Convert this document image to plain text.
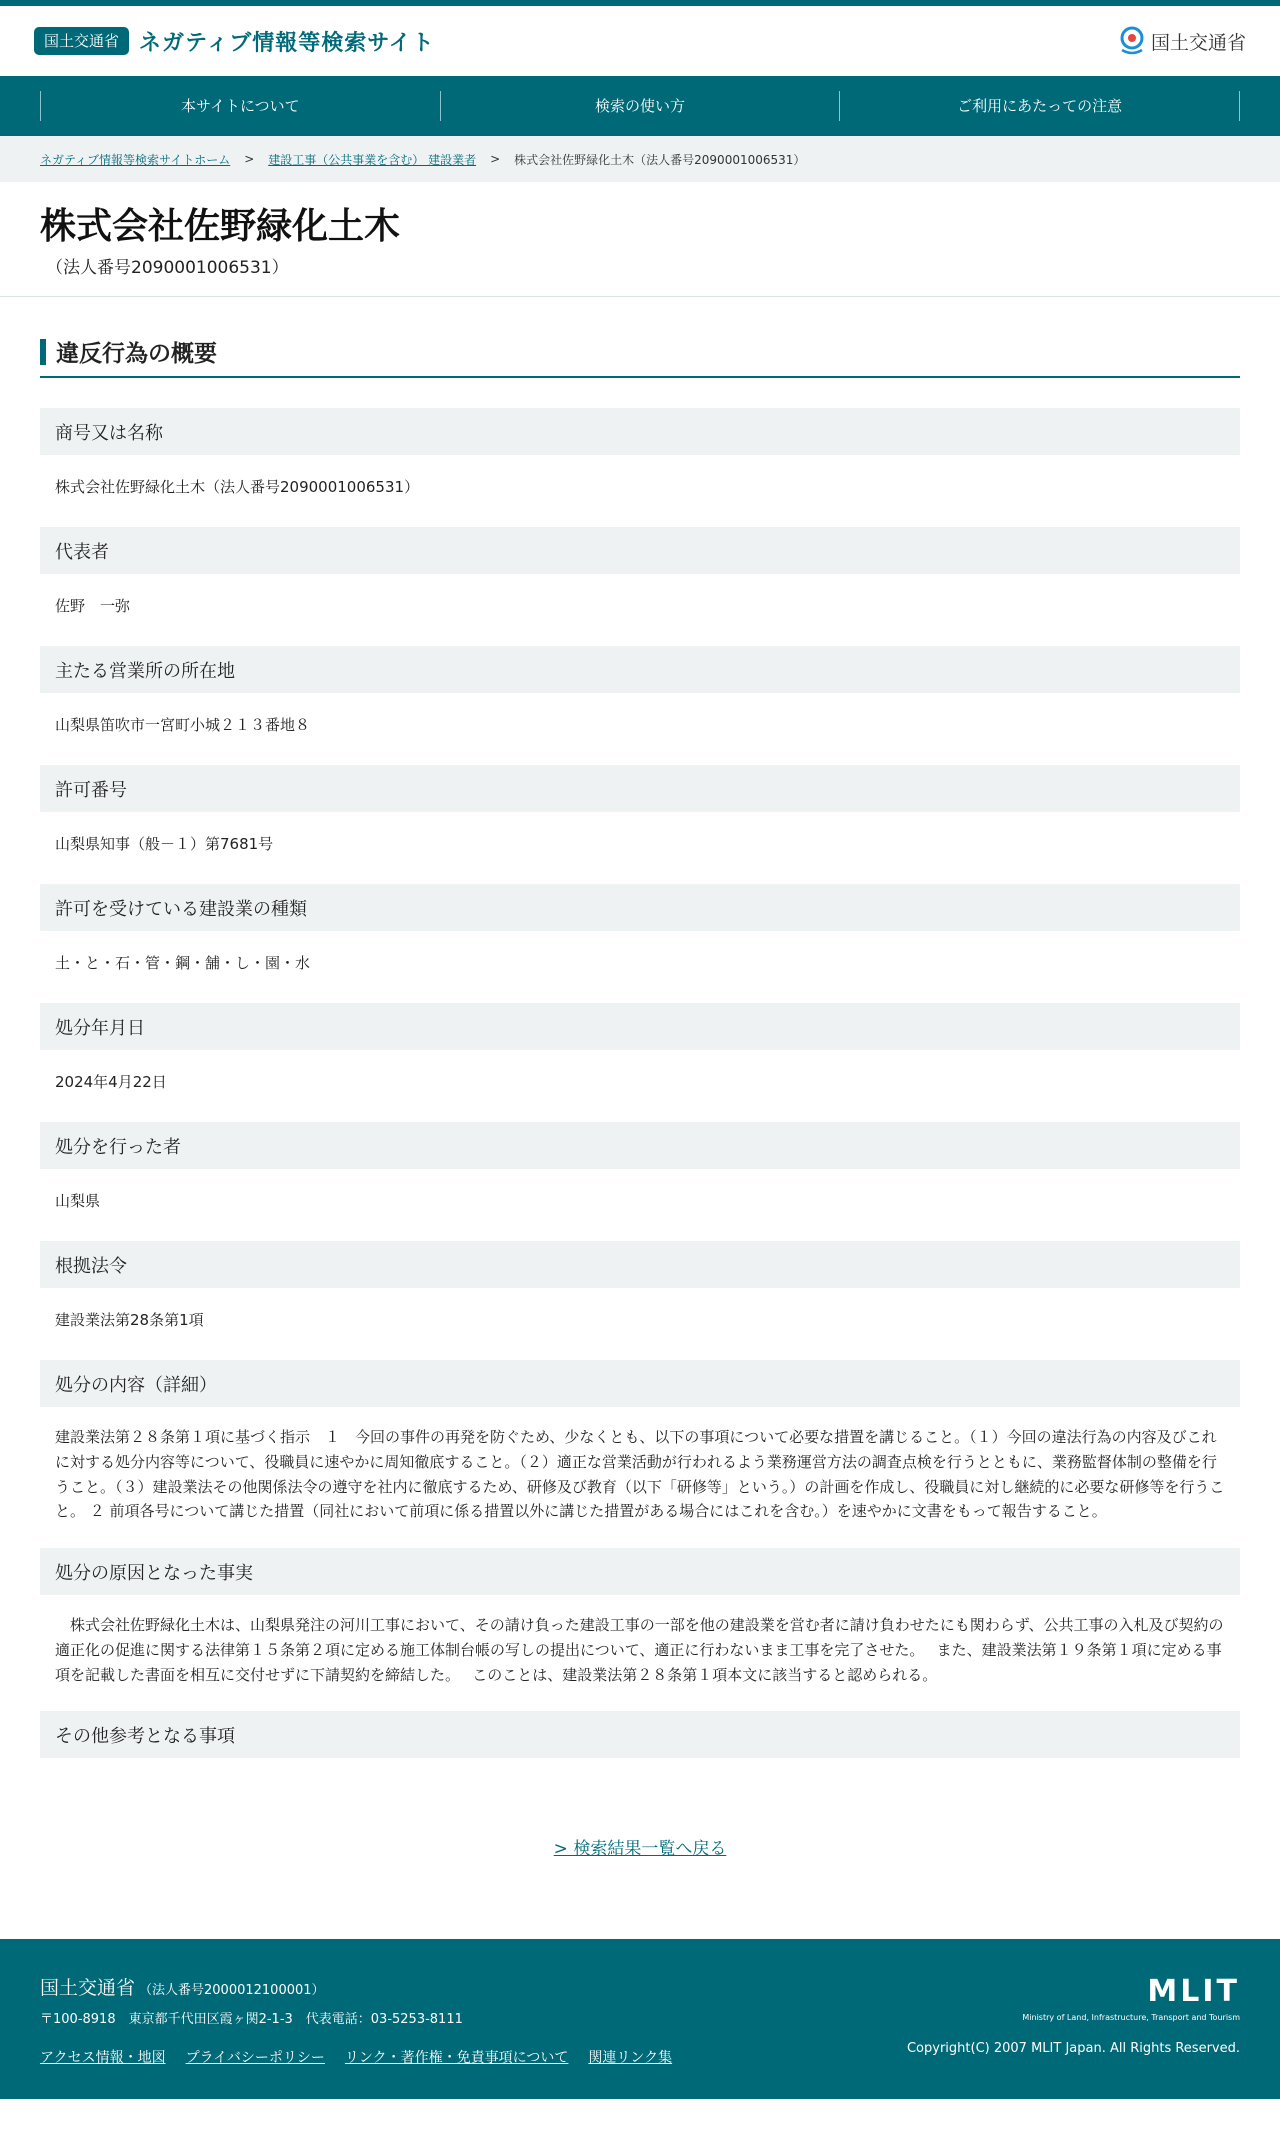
国土交通省 ネガティブ情報等検索サイト	国土交通省
本サイトについて	検索の使い方	ご利用にあたっての注意
ネガティブ情報等検索サイトホーム > 建設工事（公共事業を含む） 建設業者 > 株式会社佐野緑化土木（法人番号2090001006531）
株式会社佐野緑化土木
（法人番号2090001006531）
違反行為の概要
商号又は名称
株式会社佐野緑化土木（法人番号2090001006531）
代表者
佐野　一弥
主たる営業所の所在地
山梨県笛吹市一宮町小城２１３番地８
許可番号
山梨県知事（般－１）第7681号
許可を受けている建設業の種類
土・と・石・管・鋼・舗・し・園・水
処分年月日
2024年4月22日
処分を行った者
山梨県
根拠法令
建設業法第28条第1項
処分の内容（詳細）
建設業法第２８条第１項に基づく指示　１　今回の事件の再発を防ぐため、少なくとも、以下の事項について必要な措置を講じること。（１）今回の違法行為の内容及びこれに対する処分内容等について、役職員に速やかに周知徹底すること。（２）適正な営業活動が行われるよう業務運営方法の調査点検を行うとともに、業務監督体制の整備を行うこと。（３）建設業法その他関係法令の遵守を社内に徹底するため、研修及び教育（以下「研修等」という。）の計画を作成し、役職員に対し継続的に必要な研修等を行うこと。 ２ 前項各号について講じた措置（同社において前項に係る措置以外に講じた措置がある場合にはこれを含む。）を速やかに文書をもって報告すること。
処分の原因となった事実
　株式会社佐野緑化土木は、山梨県発注の河川工事において、その請け負った建設工事の一部を他の建設業を営む者に請け負わせたにも関わらず、公共工事の入札及び契約の適正化の促進に関する法律第１５条第２項に定める施工体制台帳の写しの提出について、適正に行わないまま工事を完了させた。　 また、建設業法第１９条第１項に定める事項を記載した書面を相互に交付せずに下請契約を締結した。　 このことは、建設業法第２８条第１項本文に該当すると認められる。
その他参考となる事項
> 検索結果一覧へ戻る
国土交通省 （法人番号2000012100001）
〒100-8918　東京都千代田区霞ヶ関2-1-3　代表電話：03-5253-8111
アクセス情報・地図 プライバシーポリシー リンク・著作権・免責事項について 関連リンク集
MLIT
Ministry of Land, Infrastructure, Transport and Tourism
Copyright(C) 2007 MLIT Japan. All Rights Reserved.
